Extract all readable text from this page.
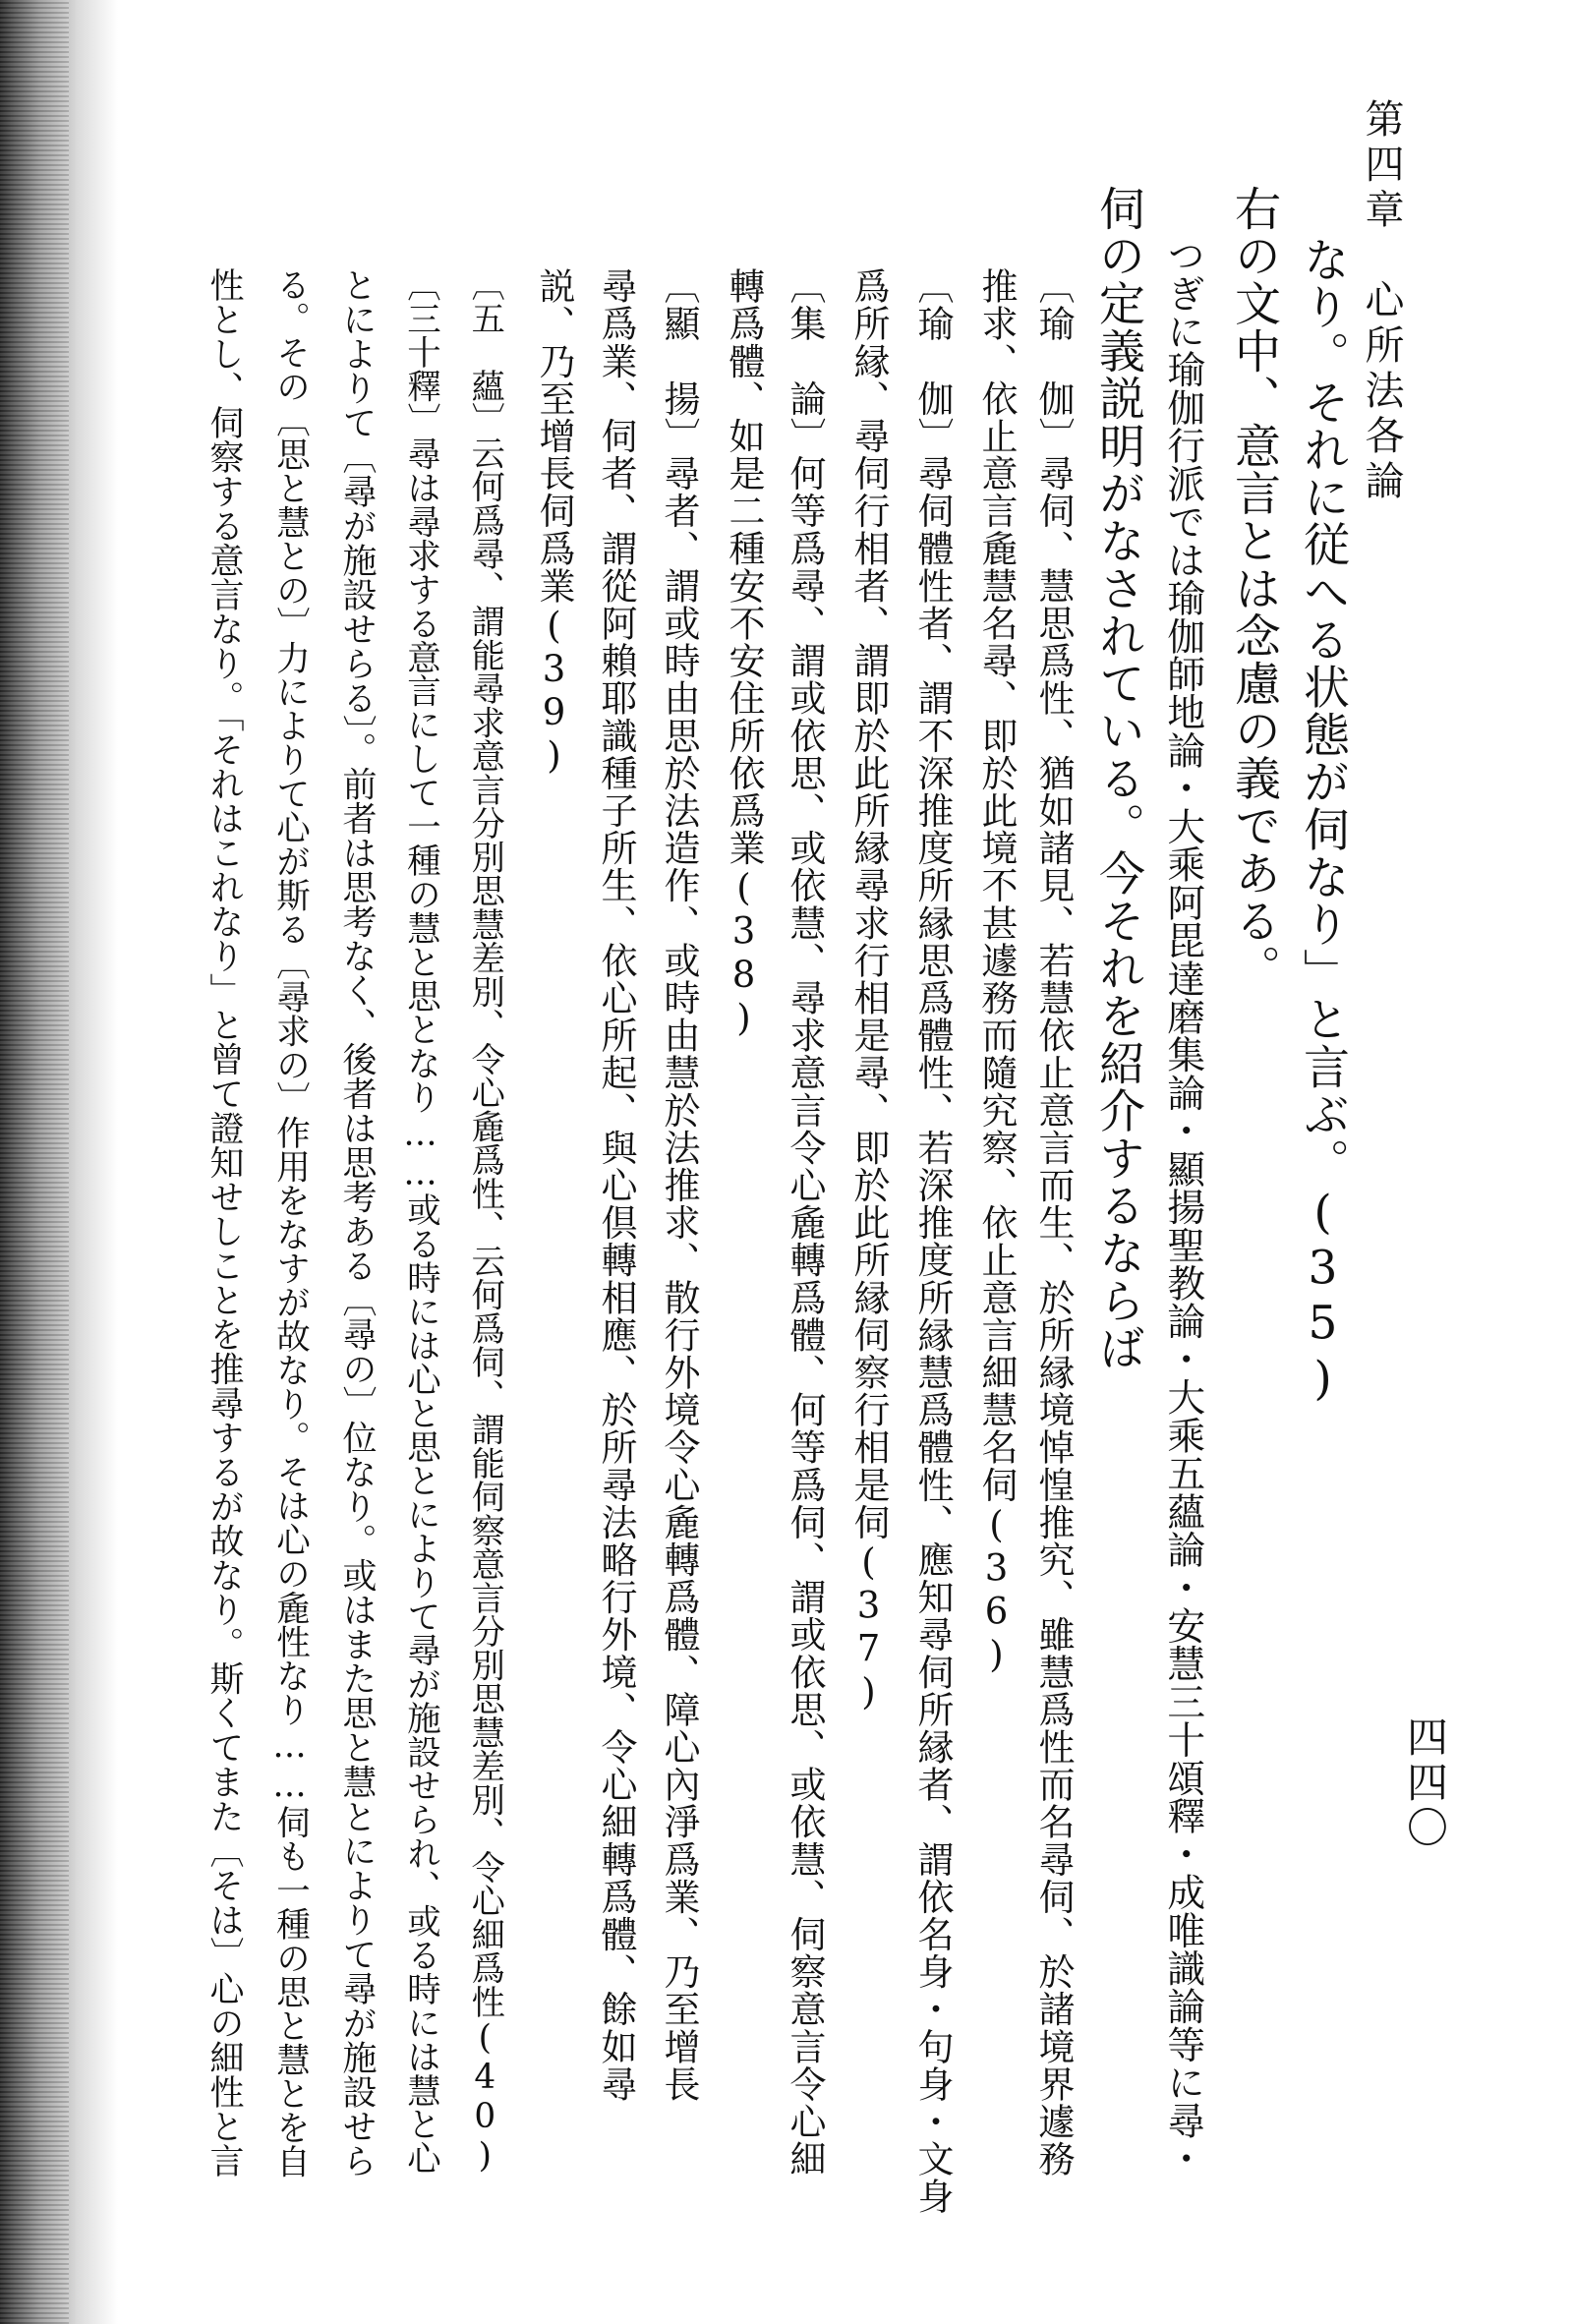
第四章　心所法各論
四四〇
なり。それに従へる状態が伺なり」と言ぶ。(35)
右の文中、意言とは念慮の義である。
つぎに瑜伽行派では瑜伽師地論・大乘阿毘達磨集論・顯揚聖教論・大乘五蘊論・安慧三十頌釋・成唯識論等に尋・
伺の定義説明がなされている。今それを紹介するならば
〔瑜　伽〕尋伺、慧思爲性、猶如諸見、若慧依止意言而生、於所縁境悼惶推究、雖慧爲性而名尋伺、於諸境界遽務
推求、依止意言麁慧名尋、即於此境不甚遽務而隨究察、依止意言細慧名伺(36)
〔瑜　伽〕尋伺體性者、謂不深推度所縁思爲體性、若深推度所縁慧爲體性、應知尋伺所縁者、謂依名身・句身・文身
爲所縁、尋伺行相者、謂即於此所縁尋求行相是尋、即於此所縁伺察行相是伺(37)
〔集　論〕何等爲尋、謂或依思、或依慧、尋求意言令心麁轉爲體、何等爲伺、謂或依思、或依慧、伺察意言令心細
轉爲體、如是二種安不安住所依爲業(38)
〔顯　揚〕尋者、謂或時由思於法造作、或時由慧於法推求、散行外境令心麁轉爲體、障心內淨爲業、乃至增長
尋爲業、伺者、謂從阿賴耶識種子所生、依心所起、與心倶轉相應、於所尋法略行外境、令心細轉爲體、餘如尋
説、乃至增長伺爲業(39)
〔五　蘊〕云何爲尋、謂能尋求意言分別思慧差別、令心麁爲性、云何爲伺、謂能伺察意言分別思慧差別、令心細爲性(40)
〔三十釋〕尋は尋求する意言にして一種の慧と思となり……或る時には心と思とによりて尋が施設せられ、或る時には慧と心
とによりて〔尋が施設せらる〕。前者は思考なく、後者は思考ある〔尋の〕位なり。或はまた思と慧とによりて尋が施設せら
る。その〔思と慧との〕力によりて心が斯る〔尋求の〕作用をなすが故なり。そは心の麁性なり……伺も一種の思と慧とを自
性とし、伺察する意言なり。「それはこれなり」と曾て證知せしことを推尋するが故なり。斯くてまた〔そは〕心の細性と言
